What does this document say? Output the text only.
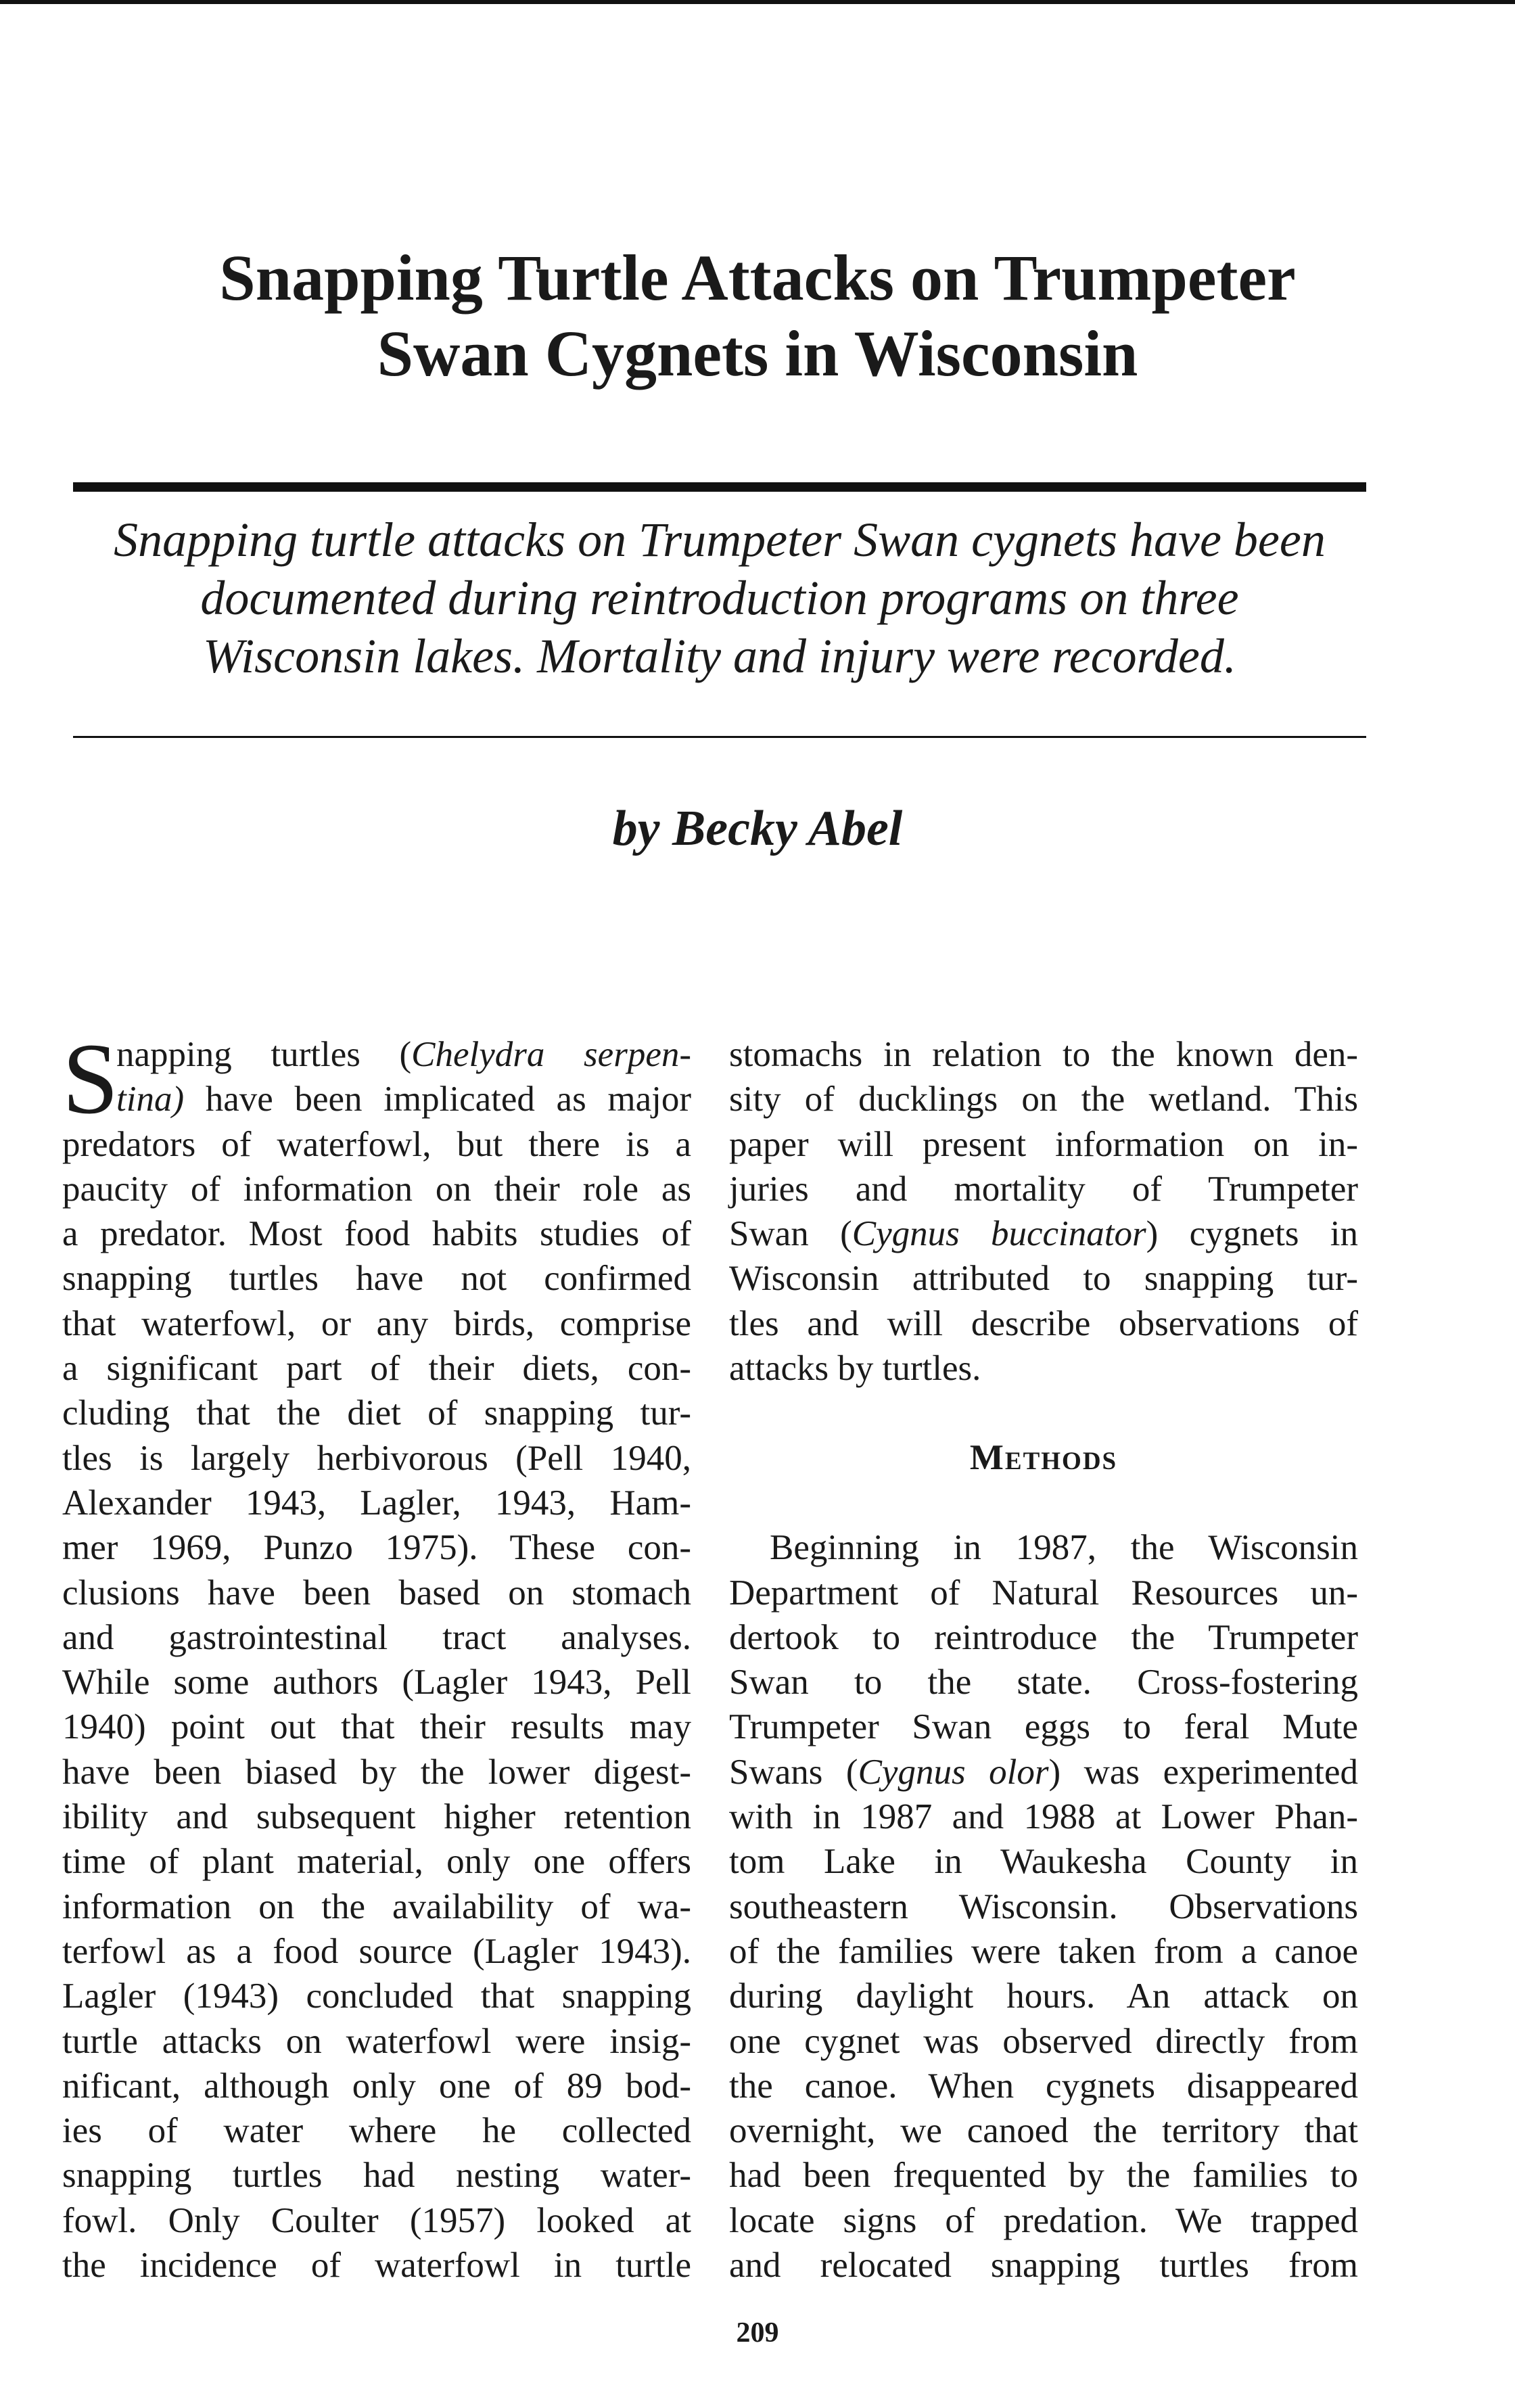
Snapping Turtle Attacks on Trumpeter
Swan Cygnets in Wisconsin

Snapping turtle attacks on Trumpeter Swan cygnets have been
documented during reintroduction programs on three
Wisconsin lakes. Mortality and injury were recorded.

by Becky Abel

S
napping turtles (Chelydra serpen-
tina) have been implicated as major
predators of waterfowl, but there is a
paucity of information on their role as
a predator. Most food habits studies of
snapping turtles have not confirmed
that waterfowl, or any birds, comprise
a significant part of their diets, con-
cluding that the diet of snapping tur-
tles is largely herbivorous (Pell 1940,
Alexander 1943, Lagler, 1943, Ham-
mer 1969, Punzo 1975). These con-
clusions have been based on stomach
and gastrointestinal tract analyses.
While some authors (Lagler 1943, Pell
1940) point out that their results may
have been biased by the lower digest-
ibility and subsequent higher retention
time of plant material, only one offers
information on the availability of wa-
terfowl as a food source (Lagler 1943).
Lagler (1943) concluded that snapping
turtle attacks on waterfowl were insig-
nificant, although only one of 89 bod-
ies of water where he collected
snapping turtles had nesting water-
fowl. Only Coulter (1957) looked at
the incidence of waterfowl in turtle
stomachs in relation to the known den-
sity of ducklings on the wetland. This
paper will present information on in-
juries and mortality of Trumpeter
Swan (Cygnus buccinator) cygnets in
Wisconsin attributed to snapping tur-
tles and will describe observations of
attacks by turtles.
Methods
Beginning in 1987, the Wisconsin
Department of Natural Resources un-
dertook to reintroduce the Trumpeter
Swan to the state. Cross-fostering
Trumpeter Swan eggs to feral Mute
Swans (Cygnus olor) was experimented
with in 1987 and 1988 at Lower Phan-
tom Lake in Waukesha County in
southeastern Wisconsin. Observations
of the families were taken from a canoe
during daylight hours. An attack on
one cygnet was observed directly from
the canoe. When cygnets disappeared
overnight, we canoed the territory that
had been frequented by the families to
locate signs of predation. We trapped
and relocated snapping turtles from

209
